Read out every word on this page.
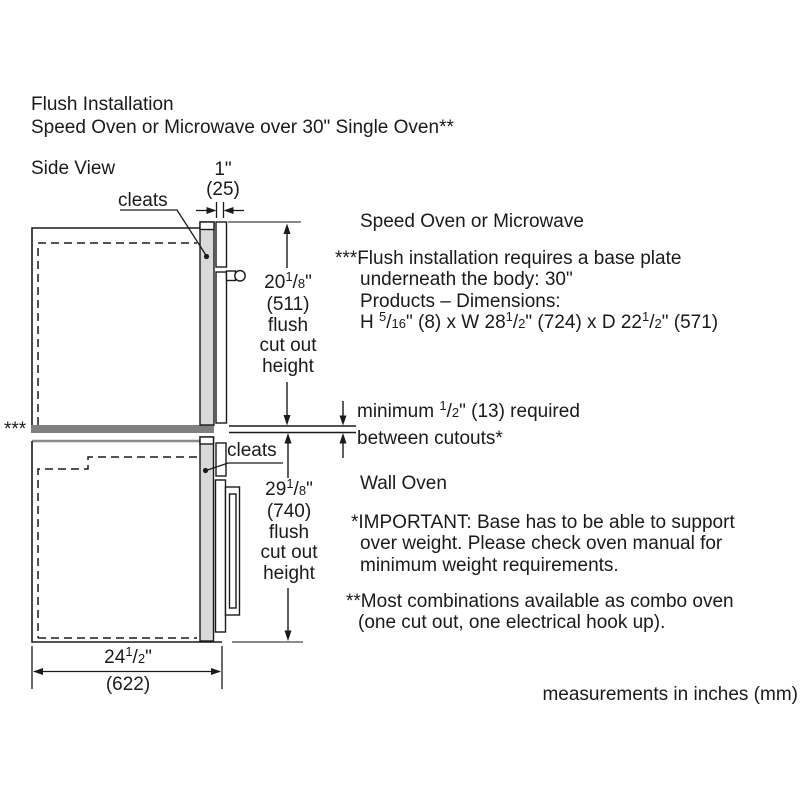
Flush Installation
Speed Oven or Microwave over 30" Single Oven**
Side View
cleats
1"
(25)
20$^1$/8"
(511)
flush
cut out
height
Speed Oven or Microwave
***Flush installation requires a base plate
underneath the body: 30"
Products – Dimensions:
H $^5$/16" (8) x W 28$^1$/2" (724) x D 22$^1$/2" (571)
minimum $^1$/2" (13) required
between cutouts*
cleats
***
29$^1$/8"
(740)
flush
cut out
height
Wall Oven
*IMPORTANT: Base has to be able to support
over weight. Please check oven manual for
minimum weight requirements.
**Most combinations available as combo oven
(one cut out, one electrical hook up).
24$^1$/2"
(622)	measurements in inches (mm)
